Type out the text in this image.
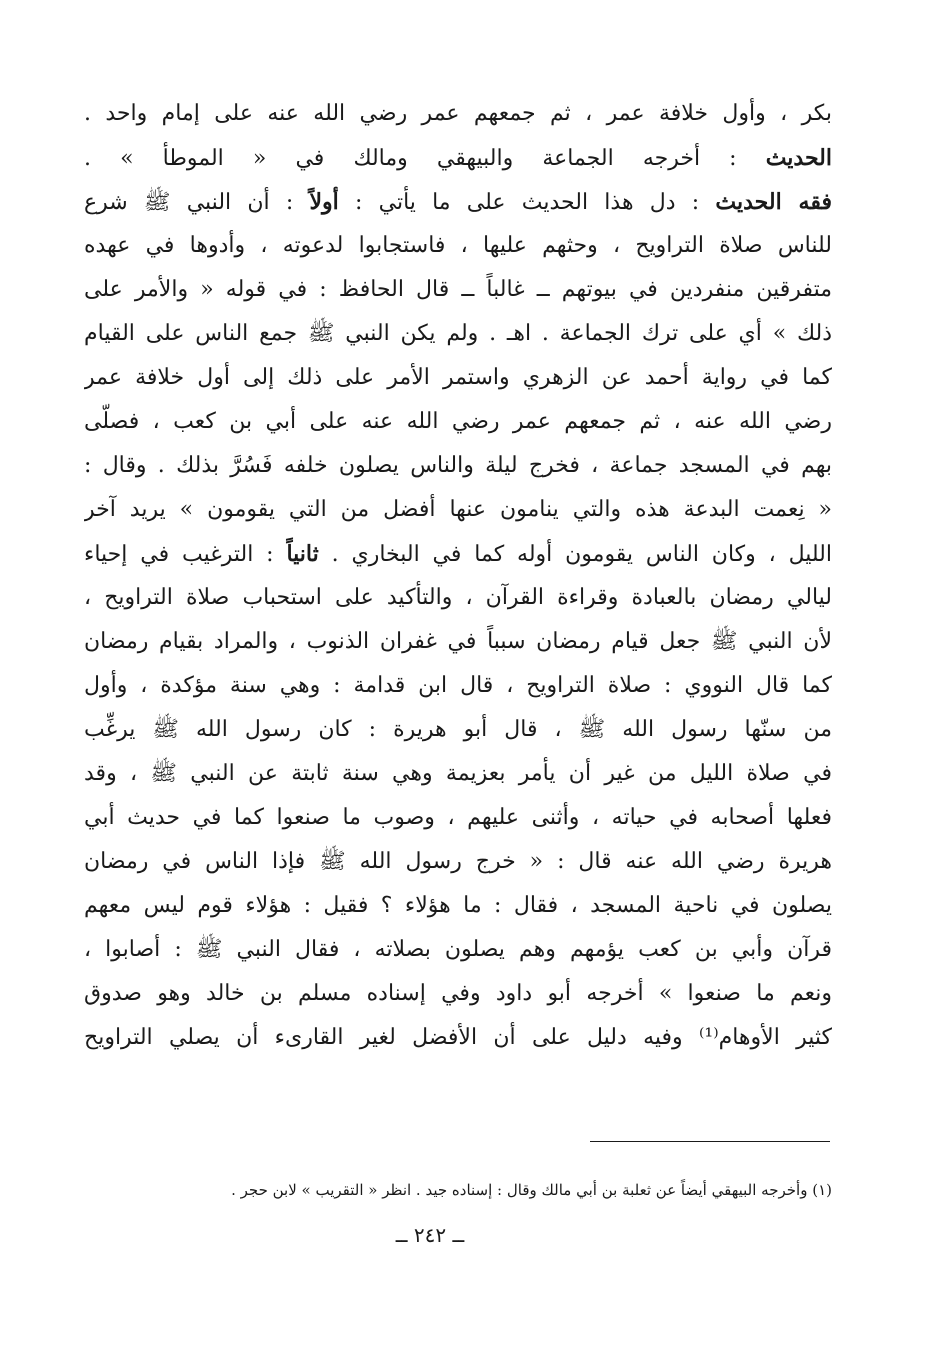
بكر ، وأول خلافة عمر ، ثم جمعهم عمر رضي الله عنه على إمام واحد .
الحديث : أخرجه الجماعة والبيهقي ومالك في « الموطأ » .
فقه الحديث : دل هذا الحديث على ما يأتي : أولاً : أن النبي ﷺ شرع
للناس صلاة التراويح ، وحثهم عليها ، فاستجابوا لدعوته ، وأدوها في عهده
متفرقين منفردين في بيوتهم ــ غالباً ــ قال الحافظ : في قوله « والأمر على
ذلك » أي على ترك الجماعة . اهـ . ولم يكن النبي ﷺ جمع الناس على القيام
كما في رواية أحمد عن الزهري واستمر الأمر على ذلك إلى أول خلافة عمر
رضي الله عنه ، ثم جمعهم عمر رضي الله عنه على أبي بن كعب ، فصلّى
بهم في المسجد جماعة ، فخرج ليلة والناس يصلون خلفه فَسُرَّ بذلك . وقال :
« نِعمت البدعة هذه والتي ينامون عنها أفضل من التي يقومون » يريد آخر
الليل ، وكان الناس يقومون أوله كما في البخاري . ثانياً : الترغيب في إحياء
ليالي رمضان بالعبادة وقراءة القرآن ، والتأكيد على استحباب صلاة التراويح ،
لأن النبي ﷺ جعل قيام رمضان سبباً في غفران الذنوب ، والمراد بقيام رمضان
كما قال النووي : صلاة التراويح ، قال ابن قدامة : وهي سنة مؤكدة ، وأول
من سنّها رسول الله ﷺ ، قال أبو هريرة : كان رسول الله ﷺ يرغِّب
في صلاة الليل من غير أن يأمر بعزيمة وهي سنة ثابتة عن النبي ﷺ ، وقد
فعلها أصحابه في حياته ، وأثنى عليهم ، وصوب ما صنعوا كما في حديث أبي
هريرة رضي الله عنه قال : « خرج رسول الله ﷺ فإذا الناس في رمضان
يصلون في ناحية المسجد ، فقال : ما هؤلاء ؟ فقيل : هؤلاء قوم ليس معهم
قرآن وأبي بن كعب يؤمهم وهم يصلون بصلاته ، فقال النبي ﷺ : أصابوا ،
ونعم ما صنعوا » أخرجه أبو داود وفي إسناده مسلم بن خالد وهو صدوق
كثير الأوهام⁽¹⁾ وفيه دليل على أن الأفضل لغير القارىء أن يصلي التراويح
(١) وأخرجه البيهقي أيضاً عن ثعلبة بن أبي مالك وقال : إسناده جيد . انظر « التقريب » لابن حجر .
ــ ٢٤٢ ــ
